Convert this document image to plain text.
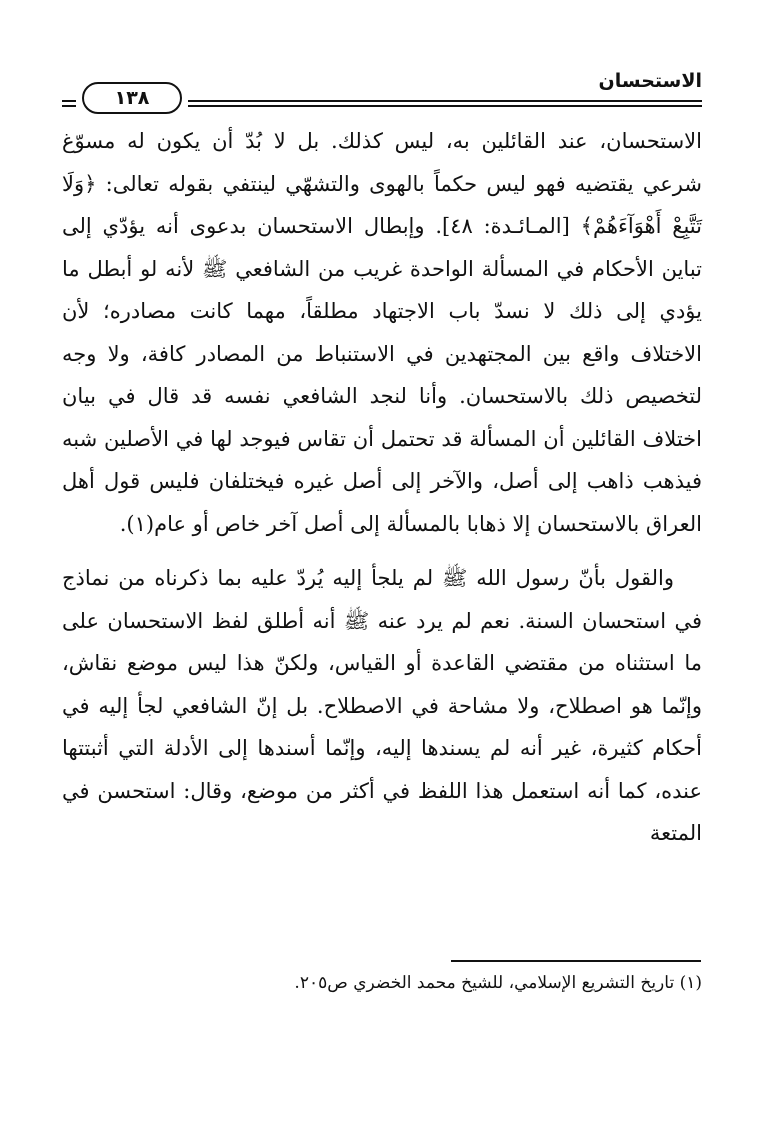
الاستحسان
١٣٨

الاستحسان، عند القائلين به، ليس كذلك. بل لا بُدّ أن يكون له مسوّغ شرعي يقتضيه فهو ليس حكماً بالهوى والتشهّي لينتفي بقوله تعالى: ﴿وَلَا تَتَّبِعْ أَهْوَآءَهُمْ﴾ [المـائـدة: ٤٨]. وإبطال الاستحسان بدعوى أنه يؤدّي إلى تباين الأحكام في المسألة الواحدة غريب من الشافعي ﷺ لأنه لو أبطل ما يؤدي إلى ذلك لا نسدّ باب الاجتهاد مطلقاً، مهما كانت مصادره؛ لأن الاختلاف واقع بين المجتهدين في الاستنباط من المصادر كافة، ولا وجه لتخصيص ذلك بالاستحسان. وأنا لنجد الشافعي نفسه قد قال في بيان اختلاف القائلين أن المسألة قد تحتمل أن تقاس فيوجد لها في الأصلين شبه فيذهب ذاهب إلى أصل، والآخر إلى أصل غيره فيختلفان فليس قول أهل العراق بالاستحسان إلا ذهابا بالمسألة إلى أصل آخر خاص أو عام(١).

والقول بأنّ رسول الله ﷺ لم يلجأ إليه يُردّ عليه بما ذكرناه من نماذج في استحسان السنة. نعم لم يرد عنه ﷺ أنه أطلق لفظ الاستحسان على ما استثناه من مقتضي القاعدة أو القياس، ولكنّ هذا ليس موضع نقاش، وإنّما هو اصطلاح، ولا مشاحة في الاصطلاح. بل إنّ الشافعي لجأ إليه في أحكام كثيرة، غير أنه لم يسندها إليه، وإنّما أسندها إلى الأدلة التي أثبتتها عنده، كما أنه استعمل هذا اللفظ في أكثر من موضع، وقال: استحسن في المتعة

(١) تاريخ التشريع الإسلامي، للشيخ محمد الخضري ص٢٠٥.
